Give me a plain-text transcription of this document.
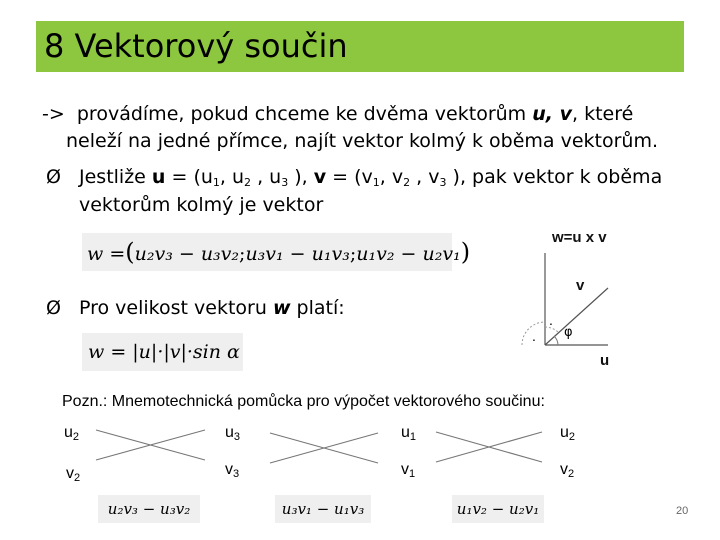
8 Vektorový součin
-> provádíme, pokud chceme ke dvěma vektorům u, v, které
neleží na jedné přímce, najít vektor kolmý k oběma vektorům.
Ø Jestliže $u = (u_1$, $u_2$ , $u_3$ ), $v = (v_1$, $v_2$ , $v_3$ ), pak vektor k oběma
vektorům kolmý je vektor
w =(u₂v₃ − u₃v₂;u₃v₁ − u₁v₃;u₁v₂ − u₂v₁)
Ø Pro velikost vektoru w platí:
w = |u|·|v|·sin α
w=u x v
v
u
φ
.
.
Pozn.: Mnemotechnická pomůcka pro výpočet vektorového součinu:
$u_2$	$u_3$	$u_1$	$u_2$
$v_2$	$v_3$	$v_1$	$v_2$
u₂v₃ − u₃v₂	u₃v₁ − u₁v₃	u₁v₂ − u₂v₁	20
